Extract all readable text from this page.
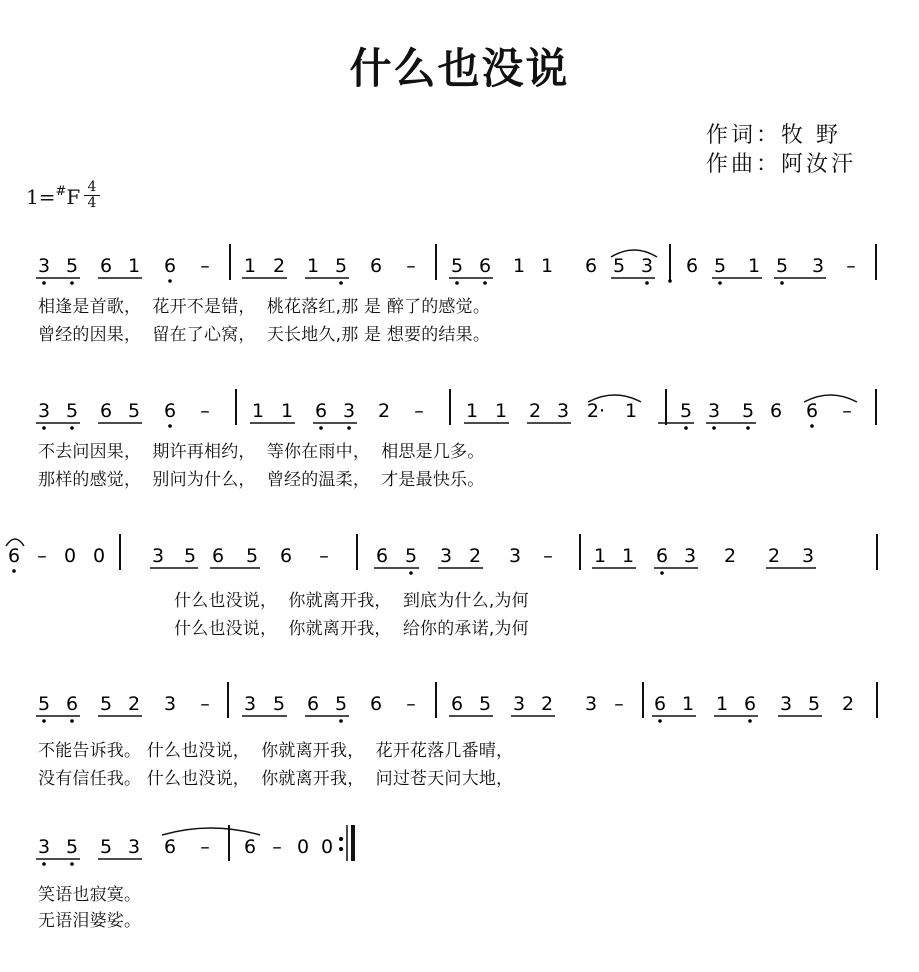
什么也没说
作词：牧 野
作曲：阿汝汗
1=#F 4
4
3 5 6 1 6 – 1 2 1 5 6 – 5 6 1 1 6 5 3 6 5 1 5 3 –
3 5 6 5 6 – 1 1 6 3 2 – 1 1 2 3 2· 1 5 3 5 6 6 –
6 – 0 0 3 5 6 5 6 – 6 5 3 2 3 – 1 1 6 3 2 2 3
5 6 5 2 3 – 3 5 6 5 6 – 6 5 3 2 3 – 6 1 1 6 3 5 2
3 5 5 3 6 – 6 – 0 0
相逢是首歌，  花开不是错，  桃花落红,那 是 醉了的感觉。
曾经的因果，  留在了心窝，  天长地久,那 是 想要的结果。
不去问因果，  期许再相约，  等你在雨中，  相思是几多。
那样的感觉，  别问为什么，  曾经的温柔，  才是最快乐。
什么也没说，  你就离开我，  到底为什么,为何
什么也没说，  你就离开我，  给你的承诺,为何
不能告诉我。 什么也没说，  你就离开我，  花开花落几番晴，
没有信任我。 什么也没说，  你就离开我，  问过苍天问大地，
笑语也寂寞。
无语泪婆娑。
